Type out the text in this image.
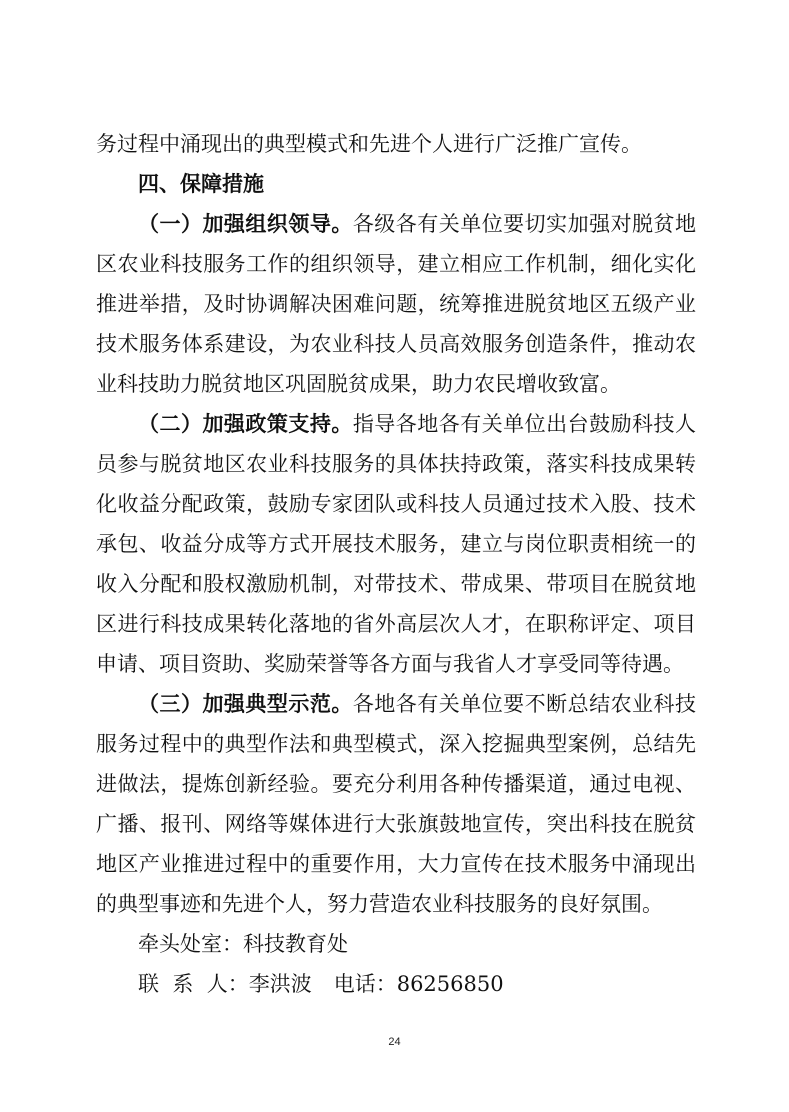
务过程中涌现出的典型模式和先进个人进行广泛推广宣传。
四、保障措施
（一）加强组织领导。各级各有关单位要切实加强对脱贫地
区农业科技服务工作的组织领导，建立相应工作机制，细化实化
推进举措，及时协调解决困难问题，统筹推进脱贫地区五级产业
技术服务体系建设，为农业科技人员高效服务创造条件，推动农
业科技助力脱贫地区巩固脱贫成果，助力农民增收致富。
（二）加强政策支持。指导各地各有关单位出台鼓励科技人
员参与脱贫地区农业科技服务的具体扶持政策，落实科技成果转
化收益分配政策，鼓励专家团队或科技人员通过技术入股、技术
承包、收益分成等方式开展技术服务，建立与岗位职责相统一的
收入分配和股权激励机制，对带技术、带成果、带项目在脱贫地
区进行科技成果转化落地的省外高层次人才，在职称评定、项目
申请、项目资助、奖励荣誉等各方面与我省人才享受同等待遇。
（三）加强典型示范。各地各有关单位要不断总结农业科技
服务过程中的典型作法和典型模式，深入挖掘典型案例，总结先
进做法，提炼创新经验。要充分利用各种传播渠道，通过电视、
广播、报刊、网络等媒体进行大张旗鼓地宣传，突出科技在脱贫
地区产业推进过程中的重要作用，大力宣传在技术服务中涌现出
的典型事迹和先进个人，努力营造农业科技服务的良好氛围。
牵头处室：科技教育处
联  系  人：李洪波 电话：86256850
24
